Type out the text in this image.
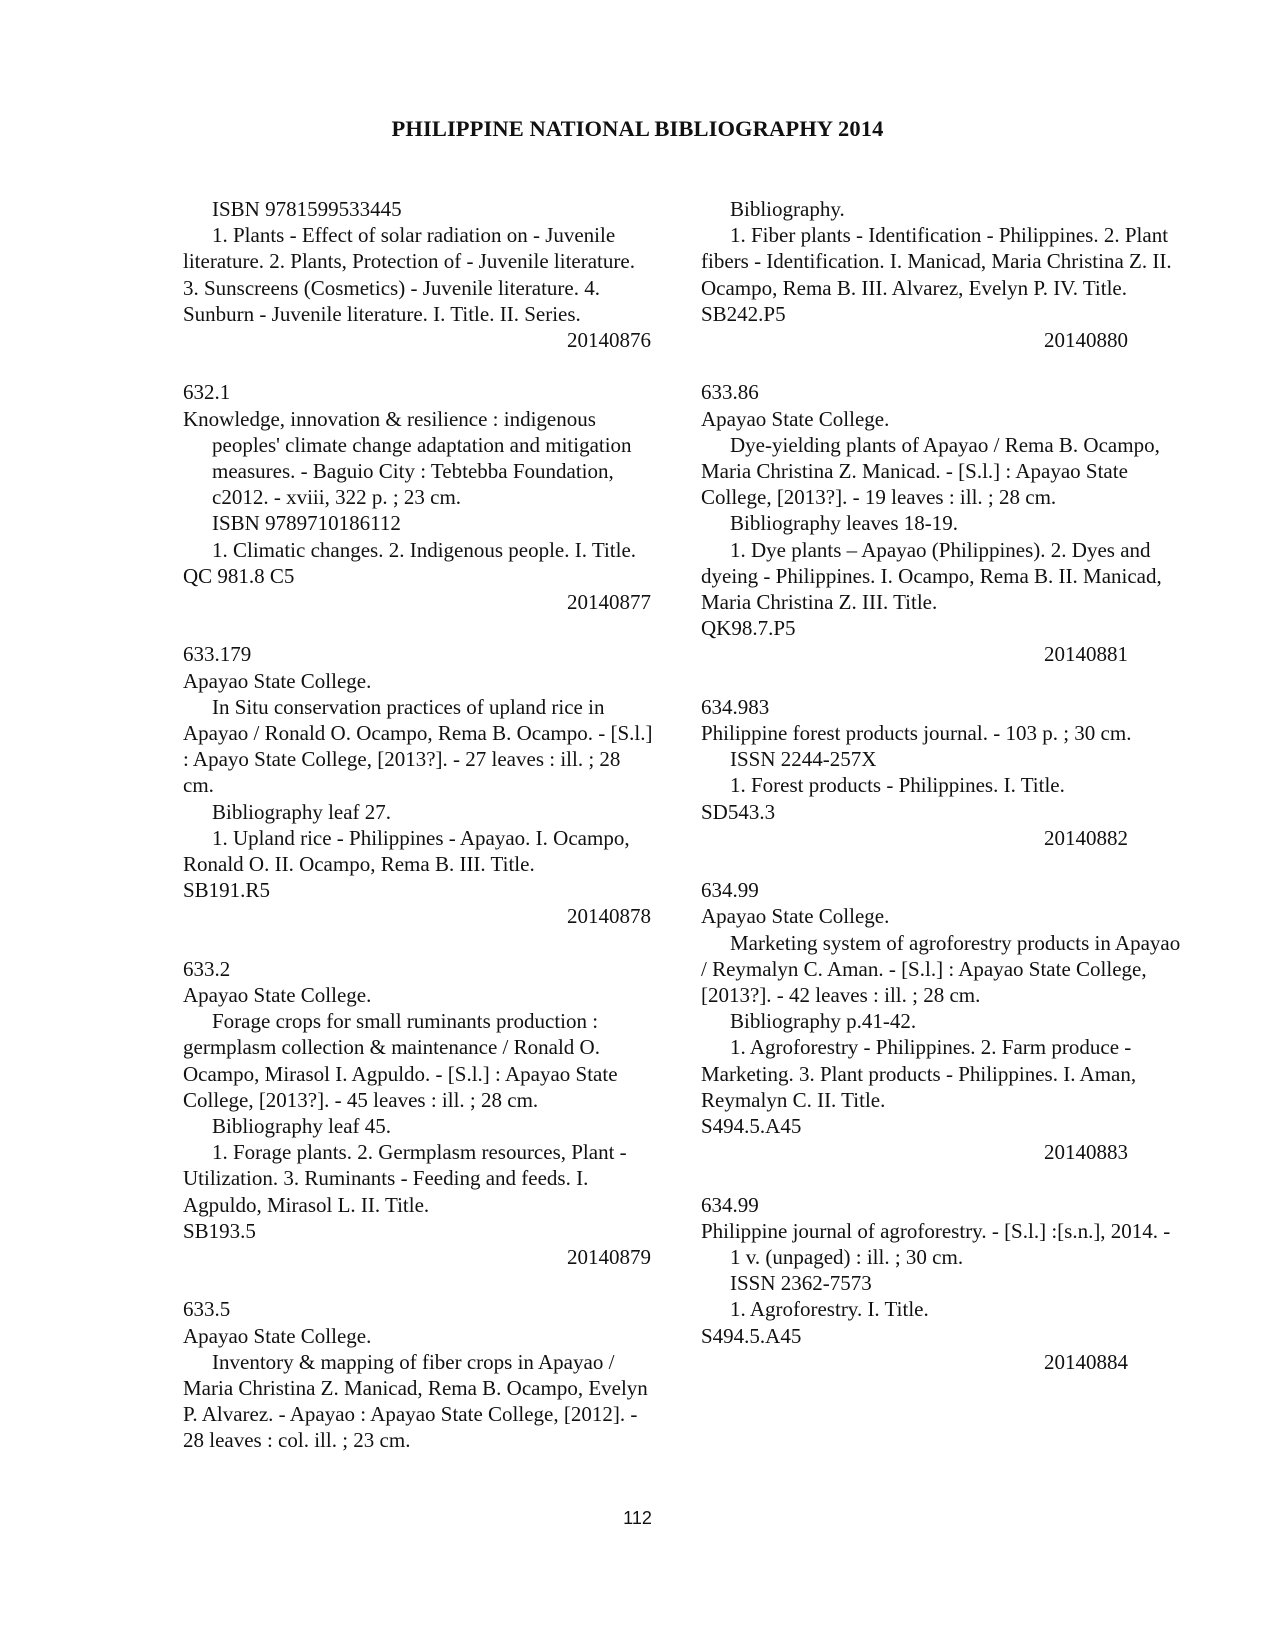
PHILIPPINE NATIONAL BIBLIOGRAPHY 2014

ISBN 9781599533445

1. Plants - Effect of solar radiation on - Juvenile literature. 2. Plants, Protection of - Juvenile literature. 3. Sunscreens (Cosmetics) - Juvenile literature. 4. Sunburn - Juvenile literature. I. Title. II. Series.

20140876

632.1

Knowledge, innovation & resilience : indigenous peoples' climate change adaptation and mitigation measures. - Baguio City : Tebtebba Foundation, c2012. - xviii, 322 p. ; 23 cm.

ISBN 9789710186112

1. Climatic changes. 2. Indigenous people. I. Title.

QC 981.8 C5

20140877

633.179

Apayao State College.

In Situ conservation practices of upland rice in Apayao / Ronald O. Ocampo, Rema B. Ocampo. - [S.l.] : Apayo State College, [2013?]. - 27 leaves : ill. ; 28 cm.

Bibliography leaf 27.

1. Upland rice - Philippines - Apayao. I. Ocampo, Ronald O. II. Ocampo, Rema B. III. Title.

SB191.R5

20140878

633.2

Apayao State College.

Forage crops for small ruminants production : germplasm collection & maintenance / Ronald O. Ocampo, Mirasol I. Agpuldo. - [S.l.] : Apayao State College, [2013?]. - 45 leaves : ill. ; 28 cm.

Bibliography leaf 45.

1. Forage plants. 2. Germplasm resources, Plant - Utilization. 3. Ruminants - Feeding and feeds. I. Agpuldo, Mirasol L. II. Title.

SB193.5

20140879

633.5

Apayao State College.

Inventory & mapping of fiber crops in Apayao / Maria Christina Z. Manicad, Rema B. Ocampo, Evelyn P. Alvarez. - Apayao : Apayao State College, [2012]. - 28 leaves : col. ill. ; 23 cm.

Bibliography.

1. Fiber plants - Identification - Philippines. 2. Plant fibers - Identification. I. Manicad, Maria Christina Z. II. Ocampo, Rema B. III. Alvarez, Evelyn P. IV. Title.

SB242.P5

20140880

633.86

Apayao State College.

Dye-yielding plants of Apayao / Rema B. Ocampo, Maria Christina Z. Manicad. - [S.l.] : Apayao State College, [2013?]. - 19 leaves : ill. ; 28 cm.

Bibliography leaves 18-19.

1. Dye plants – Apayao (Philippines). 2. Dyes and dyeing - Philippines. I. Ocampo, Rema B. II. Manicad, Maria Christina Z. III. Title.

QK98.7.P5

20140881

634.983

Philippine forest products journal. - 103 p. ; 30 cm.

ISSN 2244-257X

1. Forest products - Philippines. I. Title.

SD543.3

20140882

634.99

Apayao State College.

Marketing system of agroforestry products in Apayao / Reymalyn C. Aman. - [S.l.] : Apayao State College, [2013?]. - 42 leaves : ill. ; 28 cm.

Bibliography p.41-42.

1. Agroforestry - Philippines. 2. Farm produce - Marketing. 3. Plant products - Philippines. I. Aman, Reymalyn C. II. Title.

S494.5.A45

20140883

634.99

Philippine journal of agroforestry. - [S.l.] :[s.n.], 2014. - 1 v. (unpaged) : ill. ; 30 cm.

ISSN 2362-7573

1. Agroforestry. I. Title.

S494.5.A45

20140884

112
